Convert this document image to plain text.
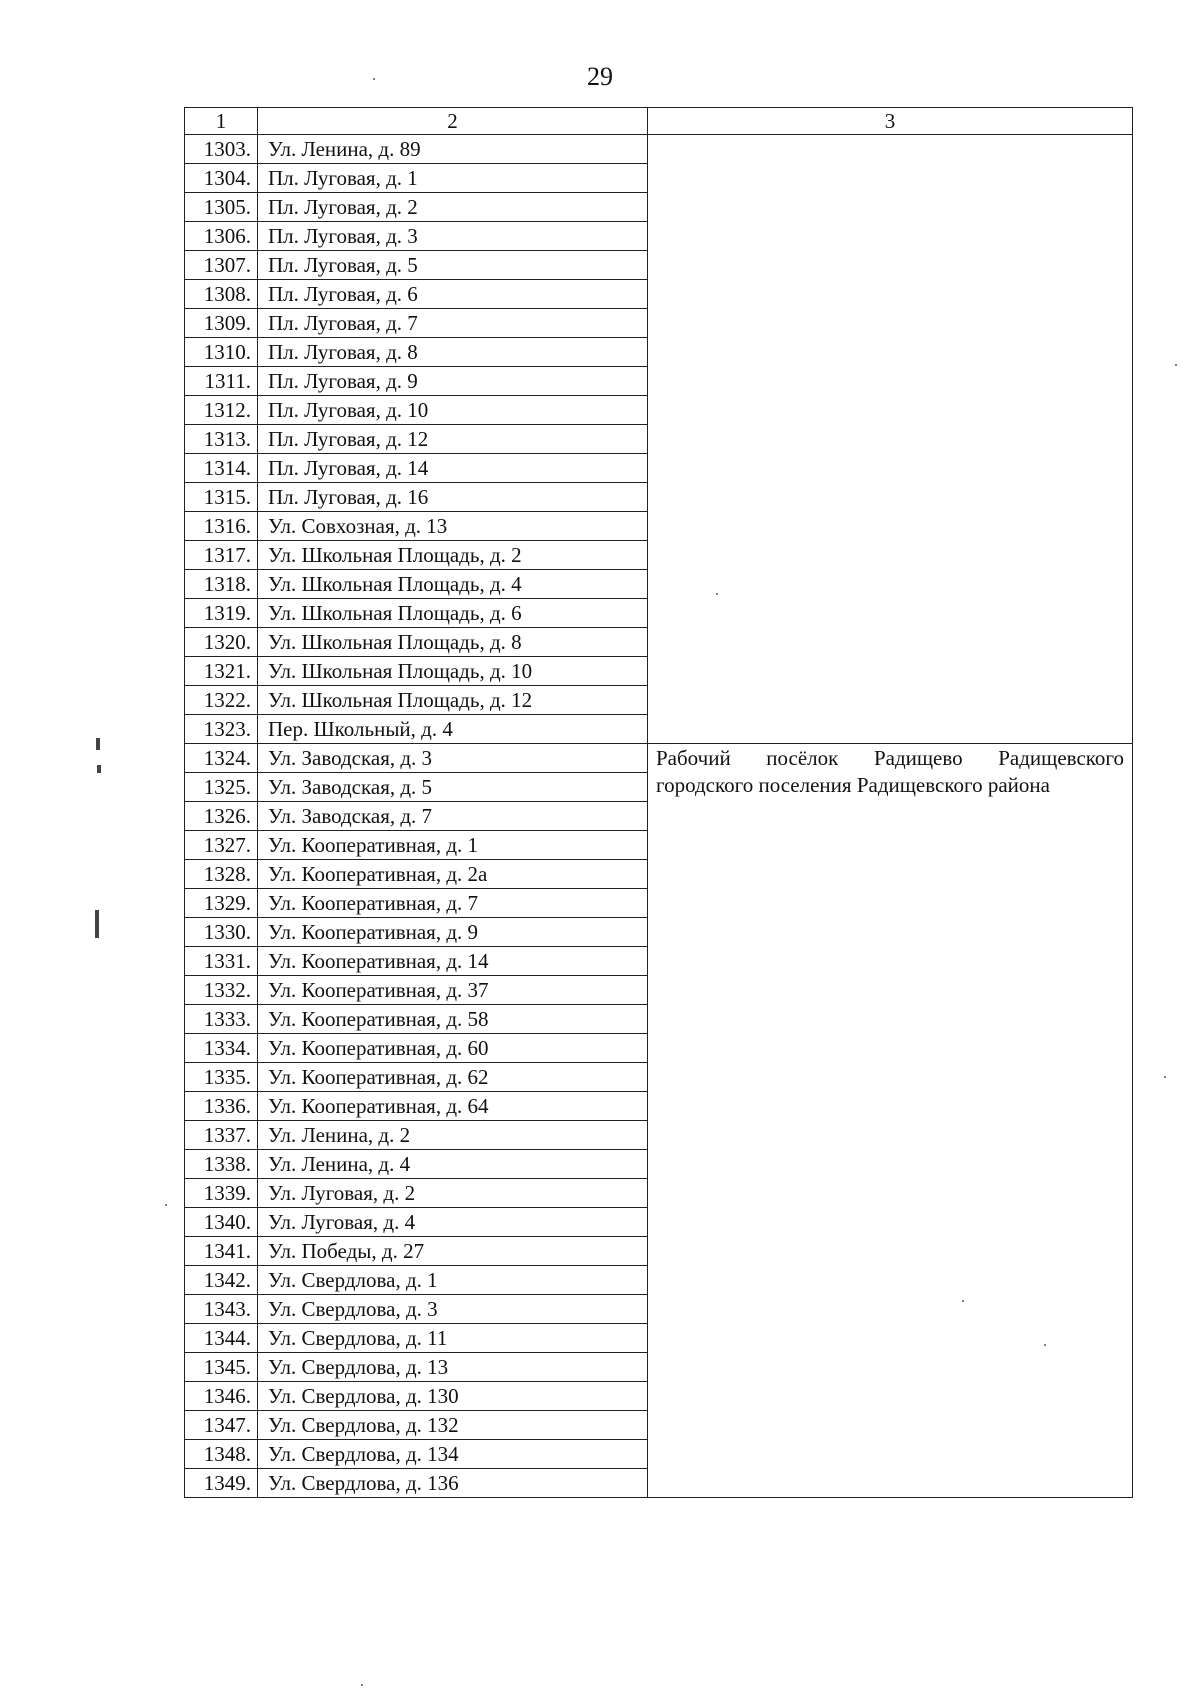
29
1	2	3
1303.	Ул. Ленина, д. 89	
1304.	Пл. Луговая, д. 1	
1305.	Пл. Луговая, д. 2	
1306.	Пл. Луговая, д. 3	
1307.	Пл. Луговая, д. 5	
1308.	Пл. Луговая, д. 6	
1309.	Пл. Луговая, д. 7	
1310.	Пл. Луговая, д. 8	
1311.	Пл. Луговая, д. 9	
1312.	Пл. Луговая, д. 10	
1313.	Пл. Луговая, д. 12	
1314.	Пл. Луговая, д. 14	
1315.	Пл. Луговая, д. 16	
1316.	Ул. Совхозная, д. 13	
1317.	Ул. Школьная Площадь, д. 2	
1318.	Ул. Школьная Площадь, д. 4	
1319.	Ул. Школьная Площадь, д. 6	
1320.	Ул. Школьная Площадь, д. 8	
1321.	Ул. Школьная Площадь, д. 10	
1322.	Ул. Школьная Площадь, д. 12	
1323.	Пер. Школьный, д. 4	
1324.	Ул. Заводская, д. 3	Рабочий посёлок Радищево Радищевского городского поселения Радищевского района

1325.	Ул. Заводская, д. 5	
1326.	Ул. Заводская, д. 7	
1327.	Ул. Кооперативная, д. 1	
1328.	Ул. Кооперативная, д. 2а	
1329.	Ул. Кооперативная, д. 7	
1330.	Ул. Кооперативная, д. 9	
1331.	Ул. Кооперативная, д. 14	
1332.	Ул. Кооперативная, д. 37	
1333.	Ул. Кооперативная, д. 58	
1334.	Ул. Кооперативная, д. 60	
1335.	Ул. Кооперативная, д. 62	
1336.	Ул. Кооперативная, д. 64	
1337.	Ул. Ленина, д. 2	
1338.	Ул. Ленина, д. 4	
1339.	Ул. Луговая, д. 2	
1340.	Ул. Луговая, д. 4	
1341.	Ул. Победы, д. 27	
1342.	Ул. Свердлова, д. 1	
1343.	Ул. Свердлова, д. 3	
1344.	Ул. Свердлова, д. 11	
1345.	Ул. Свердлова, д. 13	
1346.	Ул. Свердлова, д. 130	
1347.	Ул. Свердлова, д. 132	
1348.	Ул. Свердлова, д. 134	
1349.	Ул. Свердлова, д. 136	
